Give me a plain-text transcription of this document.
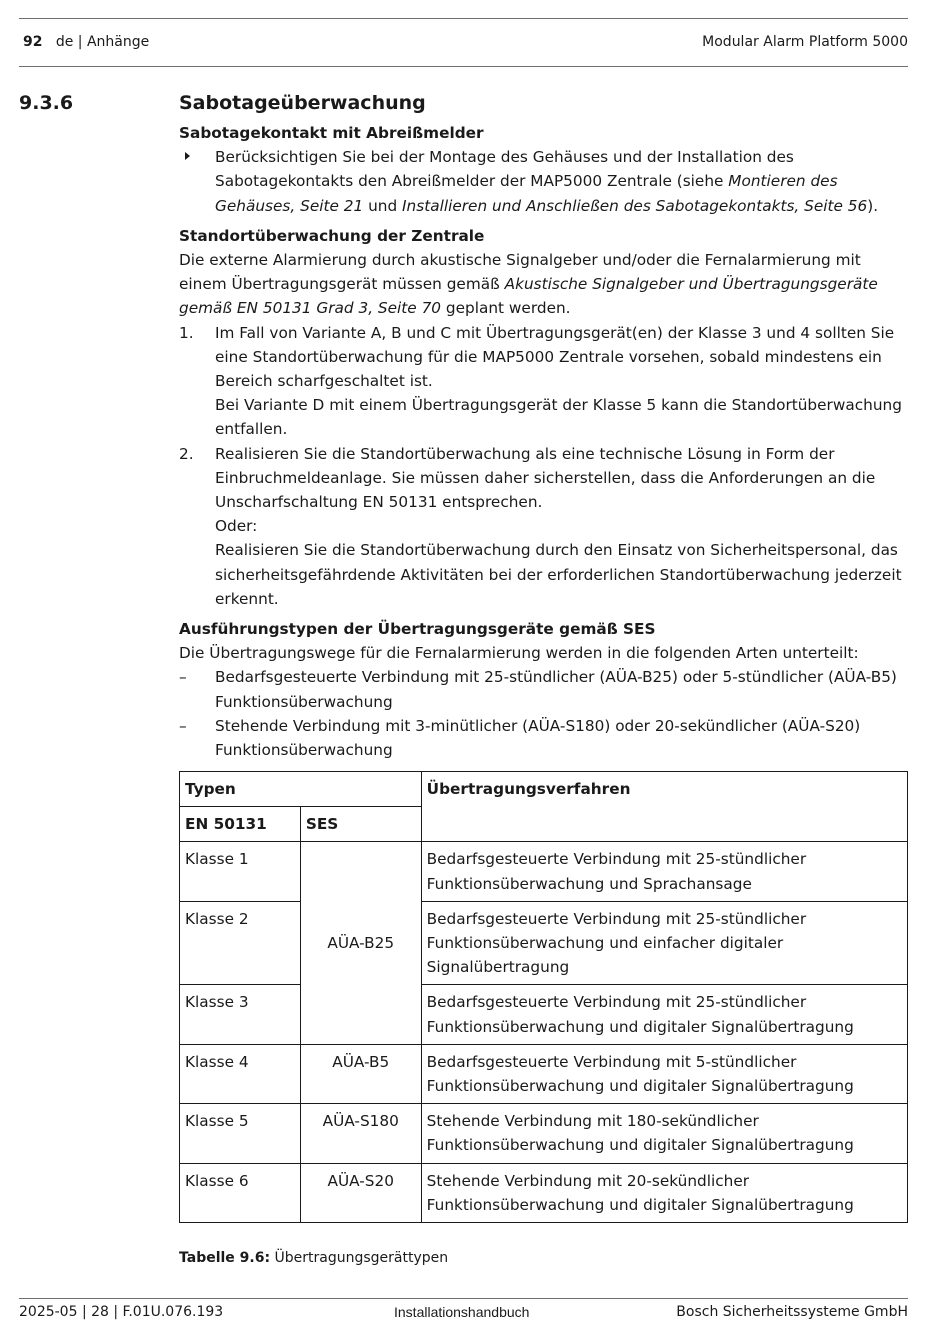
92 de | Anhänge	Modular Alarm Platform 5000
9.3.6	Sabotageüberwachung

Sabotagekontakt mit Abreißmelder

Berücksichtigen Sie bei der Montage des Gehäuses und der Installation des Sabotagekontakts den Abreißmelder der MAP5000 Zentrale (siehe Montieren des Gehäuses, Seite 21 und Installieren und Anschließen des Sabotagekontakts, Seite 56).

Standortüberwachung der Zentrale

Die externe Alarmierung durch akustische Signalgeber und/oder die Fernalarmierung mit einem Übertragungsgerät müssen gemäß Akustische Signalgeber und Übertragungsgeräte gemäß EN 50131 Grad 3, Seite 70 geplant werden.

1. Im Fall von Variante A, B und C mit Übertragungsgerät(en) der Klasse 3 und 4 sollten Sie eine Standortüberwachung für die MAP5000 Zentrale vorsehen, sobald mindestens ein Bereich scharfgeschaltet ist.

Bei Variante D mit einem Übertragungsgerät der Klasse 5 kann die Standortüberwachung entfallen.

2. Realisieren Sie die Standortüberwachung als eine technische Lösung in Form der Einbruchmeldeanlage. Sie müssen daher sicherstellen, dass die Anforderungen an die Unscharfschaltung EN 50131 entsprechen.

Oder:

Realisieren Sie die Standortüberwachung durch den Einsatz von Sicherheitspersonal, das sicherheitsgefährdende Aktivitäten bei der erforderlichen Standortüberwachung jederzeit erkennt.

Ausführungstypen der Übertragungsgeräte gemäß SES

Die Übertragungswege für die Fernalarmierung werden in die folgenden Arten unterteilt:

– Bedarfsgesteuerte Verbindung mit 25-stündlicher (AÜA-B25) oder 5-stündlicher (AÜA-B5) Funktionsüberwachung

– Stehende Verbindung mit 3-minütlicher (AÜA-S180) oder 20-sekündlicher (AÜA-S20) Funktionsüberwachung

Typen		Übertragungsverfahren
EN 50131	SES	
Klasse 1	AÜA-B25	Bedarfsgesteuerte Verbindung mit 25-stündlicher Funktionsüberwachung und Sprachansage
Klasse 2		Bedarfsgesteuerte Verbindung mit 25-stündlicher Funktionsüberwachung und einfacher digitaler Signalübertragung
Klasse 3		Bedarfsgesteuerte Verbindung mit 25-stündlicher Funktionsüberwachung und digitaler Signalübertragung
Klasse 4	AÜA-B5	Bedarfsgesteuerte Verbindung mit 5-stündlicher Funktionsüberwachung und digitaler Signalübertragung
Klasse 5	AÜA-S180	Stehende Verbindung mit 180-sekündlicher Funktionsüberwachung und digitaler Signalübertragung
Klasse 6	AÜA-S20	Stehende Verbindung mit 20-sekündlicher Funktionsüberwachung und digitaler Signalübertragung
Tabelle 9.6: Übertragungsgerättypen
2025-05 | 28 | F.01U.076.193	Installationshandbuch	Bosch Sicherheitssysteme GmbH
